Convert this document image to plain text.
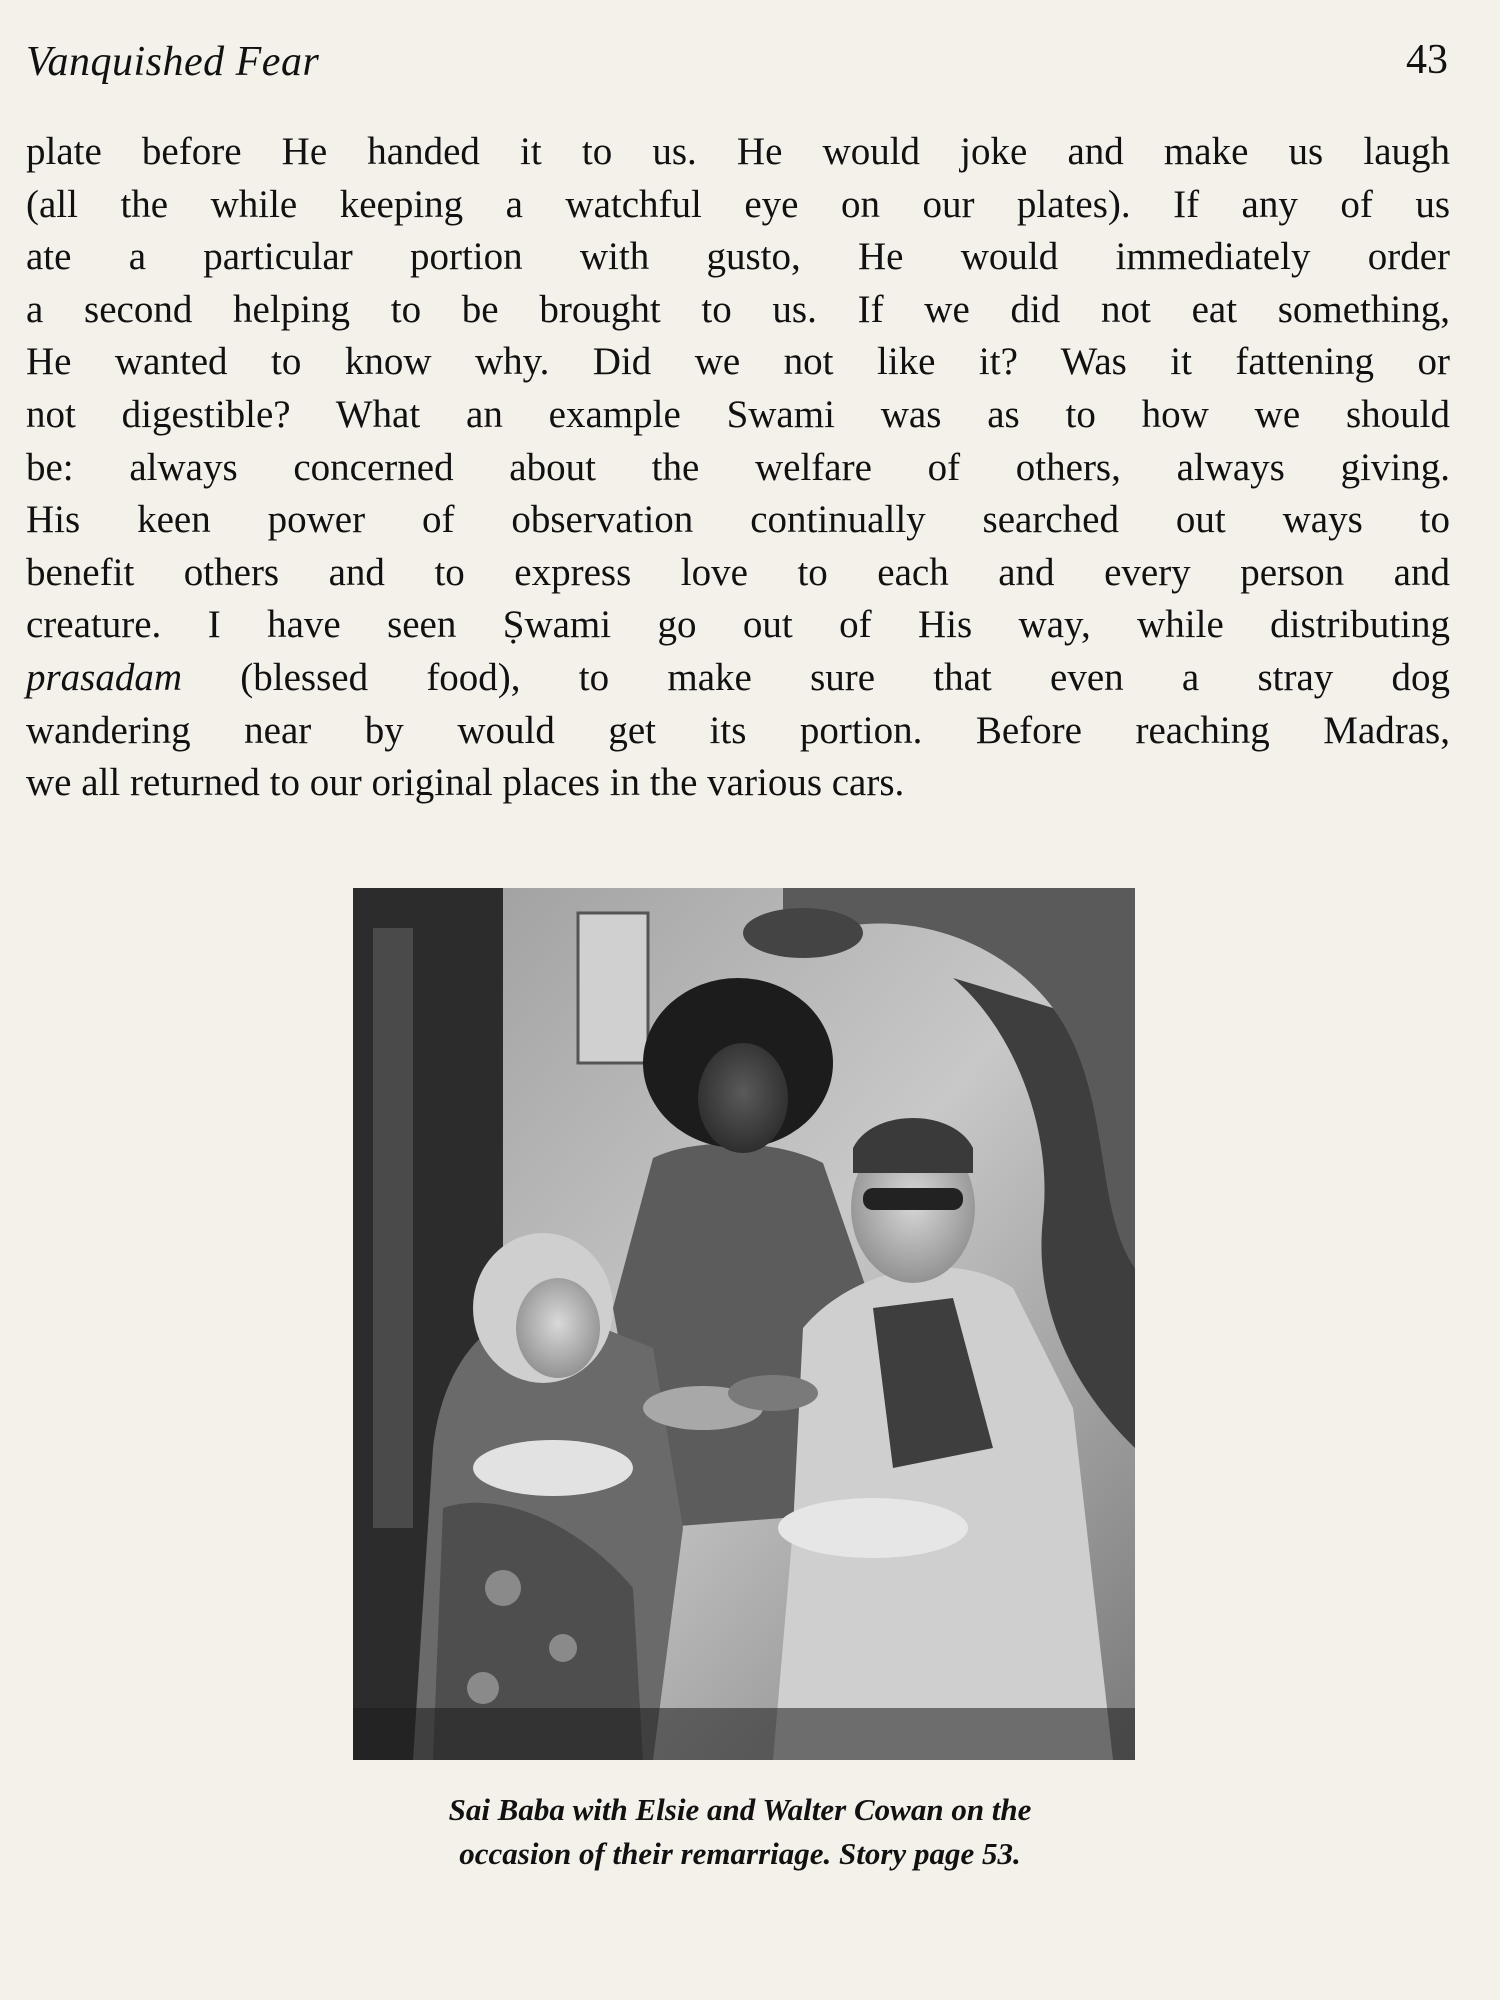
Vanquished Fear	43

plate before He handed it to us. He would joke and make us laugh
(all the while keeping a watchful eye on our plates). If any of us
ate a particular portion with gusto, He would immediately order
a second helping to be brought to us. If we did not eat something,
He wanted to know why. Did we not like it? Was it fattening or
not digestible? What an example Swami was as to how we should
be: always concerned about the welfare of others, always giving.
His keen power of observation continually searched out ways to
benefit others and to express love to each and every person and
creature. I have seen Ṣwami go out of His way, while distributing
prasadam (blessed food), to make sure that even a stray dog
wandering near by would get its portion. Before reaching Madras,
we all returned to our original places in the various cars.

Sai Baba with Elsie and Walter Cowan on the
occasion of their remarriage. Story page 53.
